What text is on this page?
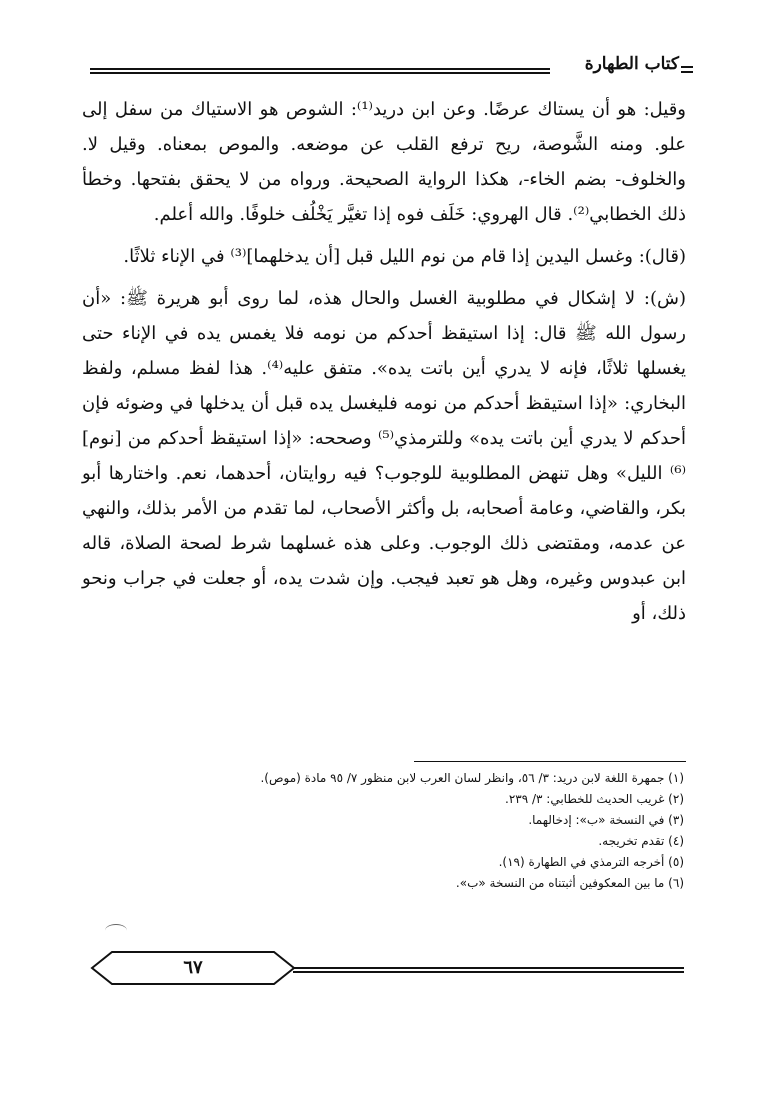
كتاب الطهارة

وقيل: هو أن يستاك عرضًا. وعن ابن دريد⁽¹⁾: الشوص هو الاستياك من سفل إلى علو. ومنه الشَّوصة، ريح ترفع القلب عن موضعه. والموص بمعناه. وقيل لا. والخلوف- بضم الخاء-، هكذا الرواية الصحيحة. ورواه من لا يحقق بفتحها. وخطأ ذلك الخطابي⁽²⁾. قال الهروي: خَلَف فوه إذا تغيَّر يَخْلُف خلوفًا. والله أعلم.

(قال): وغسل اليدين إذا قام من نوم الليل قبل [أن يدخلهما]⁽³⁾ في الإناء ثلاثًا.

(ش): لا إشكال في مطلوبية الغسل والحال هذه، لما روى أبو هريرة ﷺ: «أن رسول الله ﷺ قال: إذا استيقظ أحدكم من نومه فلا يغمس يده في الإناء حتى يغسلها ثلاثًا، فإنه لا يدري أين باتت يده». متفق عليه⁽⁴⁾. هذا لفظ مسلم، ولفظ البخاري: «إذا استيقظ أحدكم من نومه فليغسل يده قبل أن يدخلها في وضوئه فإن أحدكم لا يدري أين باتت يده» وللترمذي⁽⁵⁾ وصححه: «إذا استيقظ أحدكم من [نوم]⁽⁶⁾ الليل» وهل تنهض المطلوبية للوجوب؟ فيه روايتان، أحدهما، نعم. واختارها أبو بكر، والقاضي، وعامة أصحابه، بل وأكثر الأصحاب، لما تقدم من الأمر بذلك، والنهي عن عدمه، ومقتضى ذلك الوجوب. وعلى هذه غسلهما شرط لصحة الصلاة، قاله ابن عبدوس وغيره، وهل هو تعبد فيجب. وإن شدت يده، أو جعلت في جراب ونحو ذلك، أو

(١) جمهرة اللغة لابن دريد: ٣/ ٥٦، وانظر لسان العرب لابن منظور ٧/ ٩٥ مادة (موص).
(٢) غريب الحديث للخطابي: ٣/ ٢٣٩.
(٣) في النسخة «ب»: إدخالهما.
(٤) تقدم تخريجه.
(٥) أخرجه الترمذي في الطهارة (١٩).
(٦) ما بين المعكوفين أثبتناه من النسخة «ب».
٦٧
